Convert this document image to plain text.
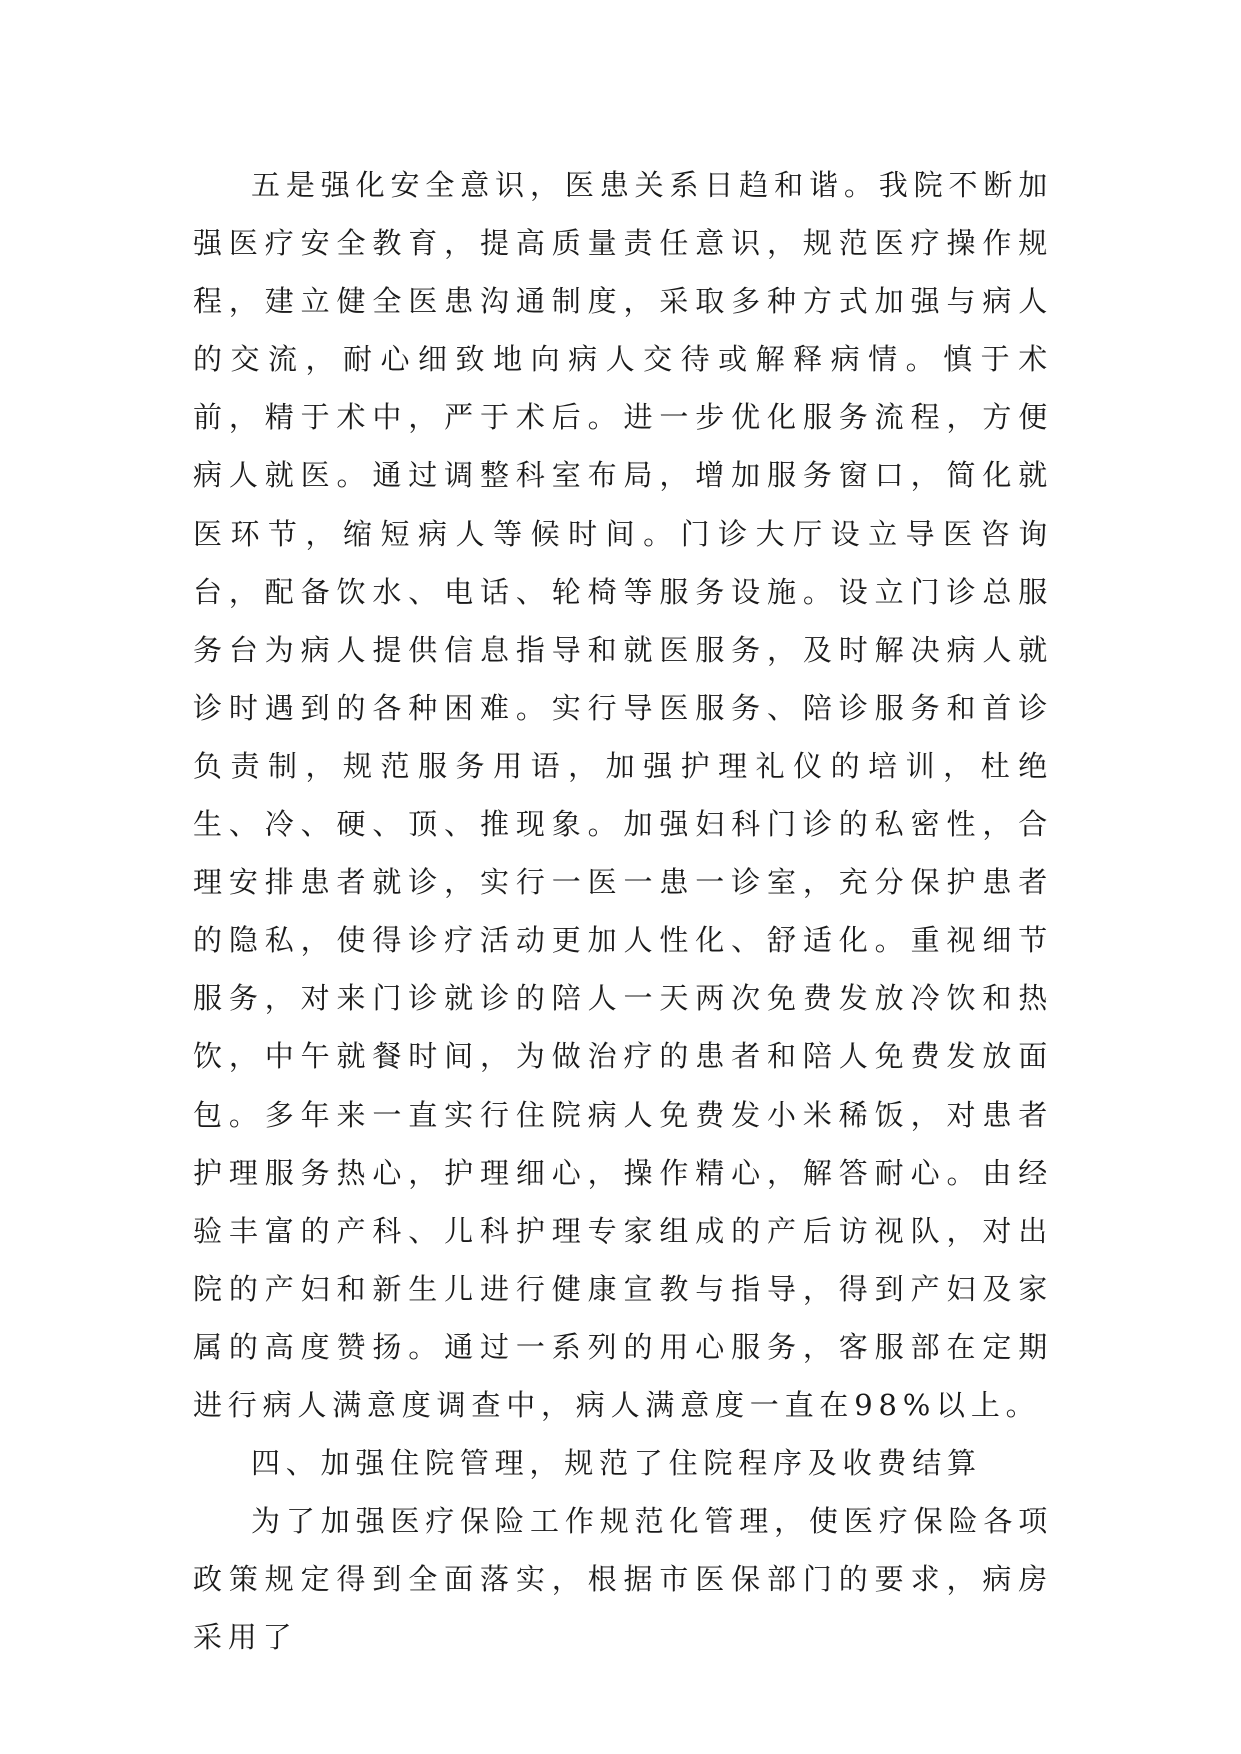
五是强化安全意识，医患关系日趋和谐。我院不断加强医疗安全教育，提高质量责任意识，规范医疗操作规程，建立健全医患沟通制度，采取多种方式加强与病人的交流，耐心细致地向病人交待或解释病情。慎于术前，精于术中，严于术后。进一步优化服务流程，方便病人就医。通过调整科室布局，增加服务窗口，简化就医环节，缩短病人等候时间。门诊大厅设立导医咨询台，配备饮水、电话、轮椅等服务设施。设立门诊总服务台为病人提供信息指导和就医服务，及时解决病人就诊时遇到的各种困难。实行导医服务、陪诊服务和首诊负责制，规范服务用语，加强护理礼仪的培训，杜绝生、冷、硬、顶、推现象。加强妇科门诊的私密性，合理安排患者就诊，实行一医一患一诊室，充分保护患者的隐私，使得诊疗活动更加人性化、舒适化。重视细节服务，对来门诊就诊的陪人一天两次免费发放冷饮和热饮，中午就餐时间，为做治疗的患者和陪人免费发放面包。多年来一直实行住院病人免费发小米稀饭，对患者护理服务热心，护理细心，操作精心，解答耐心。由经验丰富的产科、儿科护理专家组成的产后访视队，对出院的产妇和新生儿进行健康宣教与指导，得到产妇及家属的高度赞扬。通过一系列的用心服务，客服部在定期进行病人满意度调查中，病人满意度一直在98%以上。

四、加强住院管理，规范了住院程序及收费结算

为了加强医疗保险工作规范化管理，使医疗保险各项政策规定得到全面落实，根据市医保部门的要求，病房采用了
